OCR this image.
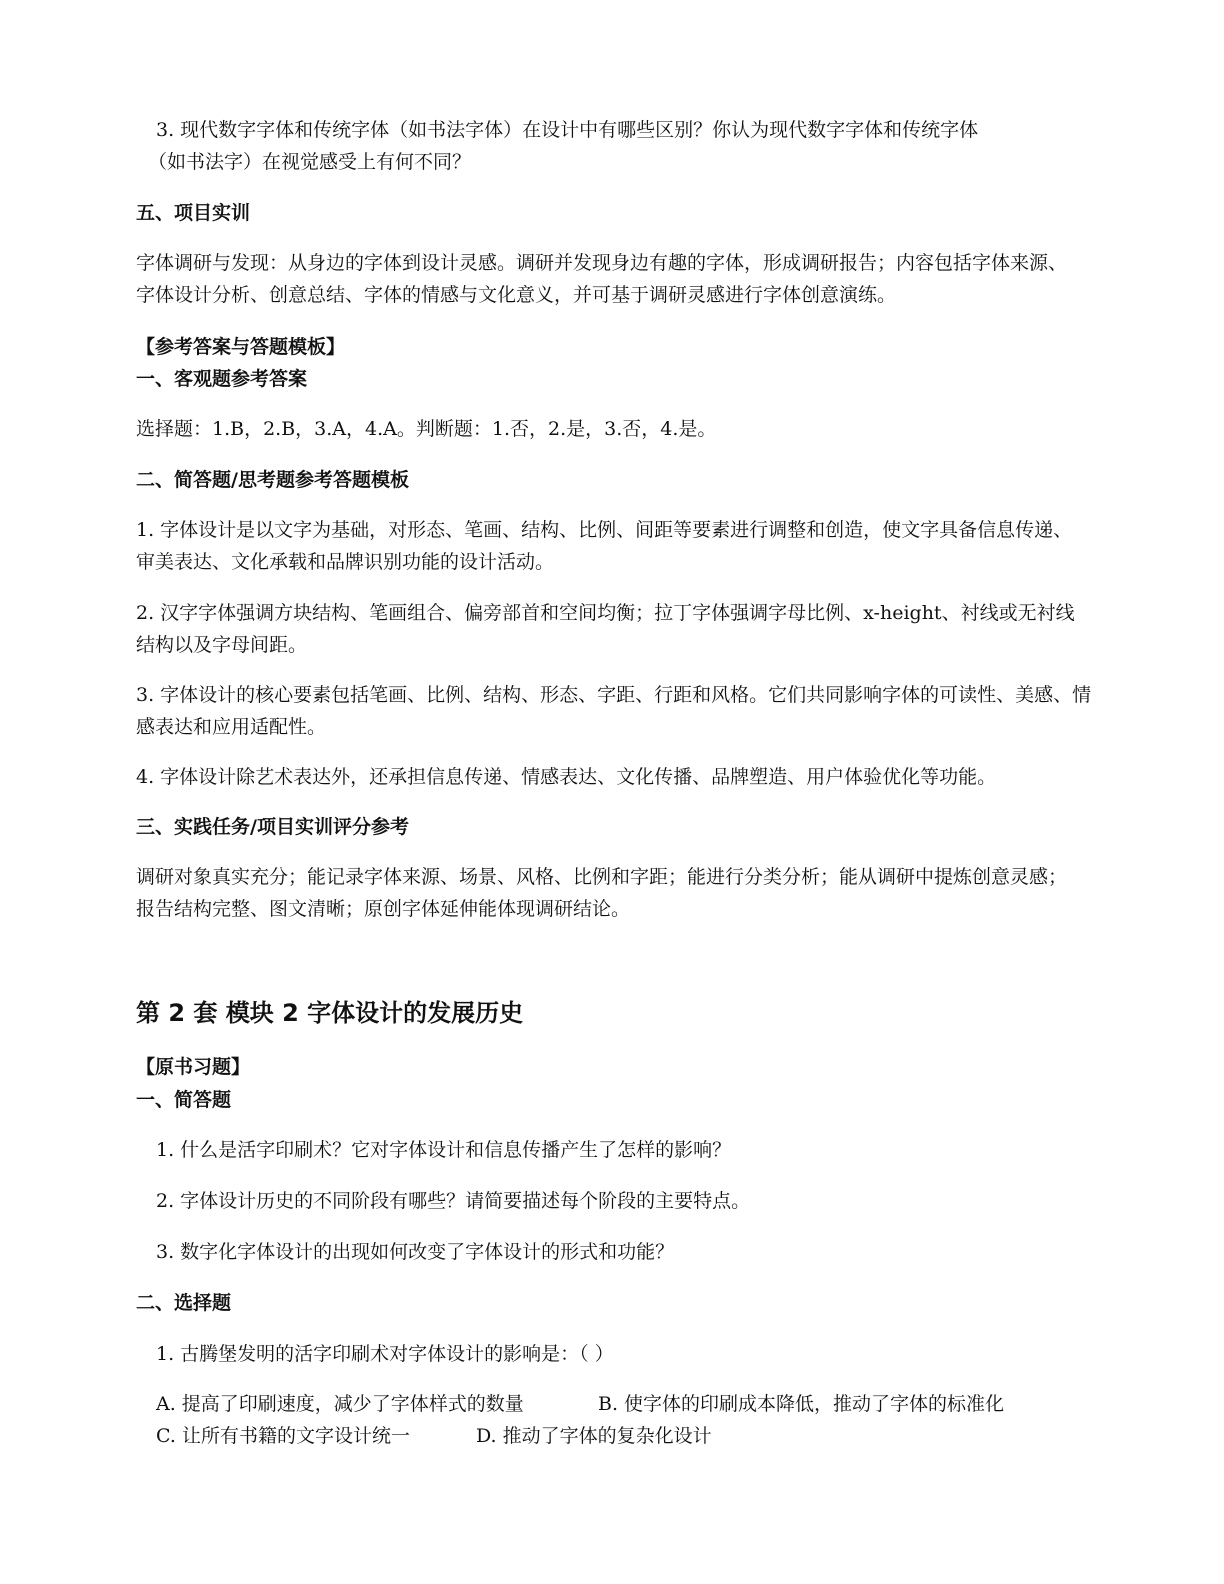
3. 现代数字字体和传统字体（如书法字体）在设计中有哪些区别？你认为现代数字字体和传统字体

（如书法字）在视觉感受上有何不同？

五、项目实训

字体调研与发现：从身边的字体到设计灵感。调研并发现身边有趣的字体，形成调研报告；内容包括字体来源、字体设计分析、创意总结、字体的情感与文化意义，并可基于调研灵感进行字体创意演练。

【参考答案与答题模板】

一、客观题参考答案

选择题：1.B，2.B，3.A，4.A。判断题：1.否，2.是，3.否，4.是。

二、简答题/思考题参考答题模板

1. 字体设计是以文字为基础，对形态、笔画、结构、比例、间距等要素进行调整和创造，使文字具备信息传递、审美表达、文化承载和品牌识别功能的设计活动。

2. 汉字字体强调方块结构、笔画组合、偏旁部首和空间均衡；拉丁字体强调字母比例、x-height、衬线或无衬线结构以及字母间距。

3. 字体设计的核心要素包括笔画、比例、结构、形态、字距、行距和风格。它们共同影响字体的可读性、美感、情感表达和应用适配性。

4. 字体设计除艺术表达外，还承担信息传递、情感表达、文化传播、品牌塑造、用户体验优化等功能。

三、实践任务/项目实训评分参考

调研对象真实充分；能记录字体来源、场景、风格、比例和字距；能进行分类分析；能从调研中提炼创意灵感；报告结构完整、图文清晰；原创字体延伸能体现调研结论。

第 2 套 模块 2 字体设计的发展历史

【原书习题】

一、简答题

1. 什么是活字印刷术？它对字体设计和信息传播产生了怎样的影响？

2. 字体设计历史的不同阶段有哪些？请简要描述每个阶段的主要特点。

3. 数字化字体设计的出现如何改变了字体设计的形式和功能？

二、选择题

1. 古腾堡发明的活字印刷术对字体设计的影响是：（ ）

A. 提高了印刷速度，减少了字体样式的数量	B. 使字体的印刷成本降低，推动了字体的标准化
C. 让所有书籍的文字设计统一	D. 推动了字体的复杂化设计
